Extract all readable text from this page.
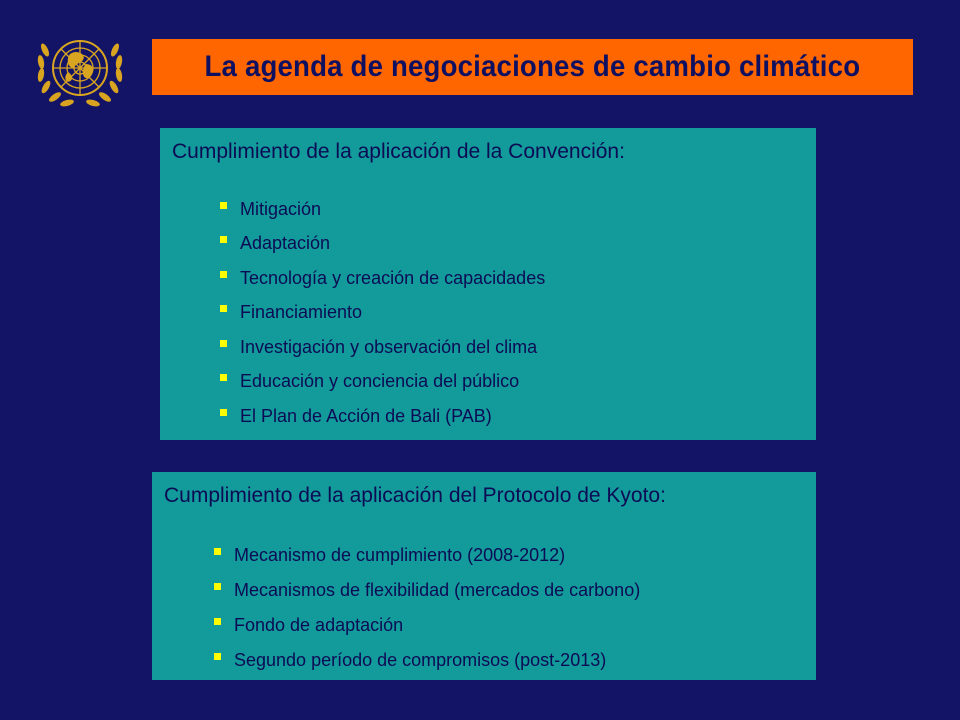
La agenda de negociaciones de cambio climático
Cumplimiento de la aplicación de la Convención:
Mitigación
Adaptación
Tecnología y creación de capacidades
Financiamiento
Investigación y observación del clima
Educación y conciencia del público
El Plan de Acción de Bali (PAB)
Cumplimiento de la aplicación del Protocolo de Kyoto:
Mecanismo de cumplimiento (2008-2012)
Mecanismos de flexibilidad (mercados de carbono)
Fondo de adaptación
Segundo período de compromisos (post-2013)
